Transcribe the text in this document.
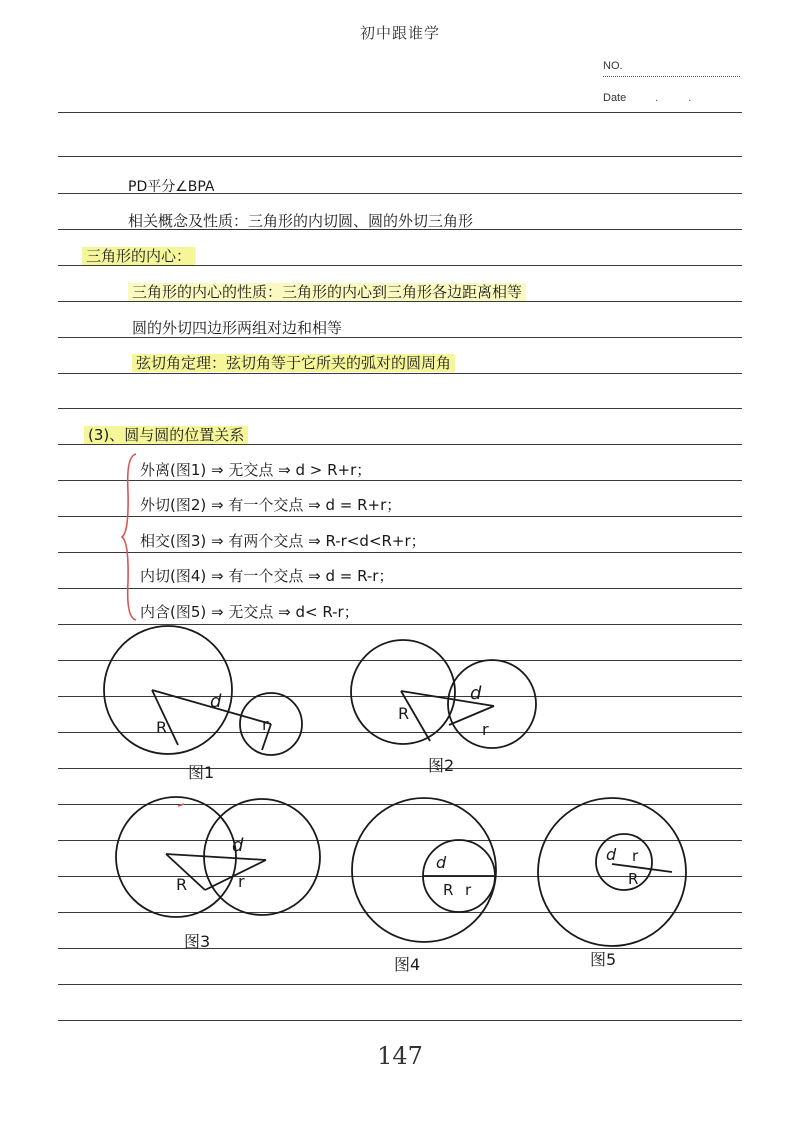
初中跟谁学
NO.
Date	··
PD平分∠BPA
相关概念及性质：三角形的内切圆、圆的外切三角形
三角形的内心：
三角形的内心的性质：三角形的内心到三角形各边距离相等
圆的外切四边形两组对边和相等
弦切角定理：弦切角等于它所夹的弧对的圆周角
(3)、圆与圆的位置关系
外离(图1) ⇒ 无交点 ⇒ d > R+r；
外切(图2) ⇒ 有一个交点 ⇒ d = R+r；
相交(图3) ⇒ 有两个交点 ⇒ R-r<d<R+r；
内切(图4) ⇒ 有一个交点 ⇒ d = R-r；
内含(图5) ⇒ 无交点 ⇒ d< R-r；
d
R	r
图1
d
R
r
图2
d
R	r
图3
d
R r
图4
d
R
r
图5
147
